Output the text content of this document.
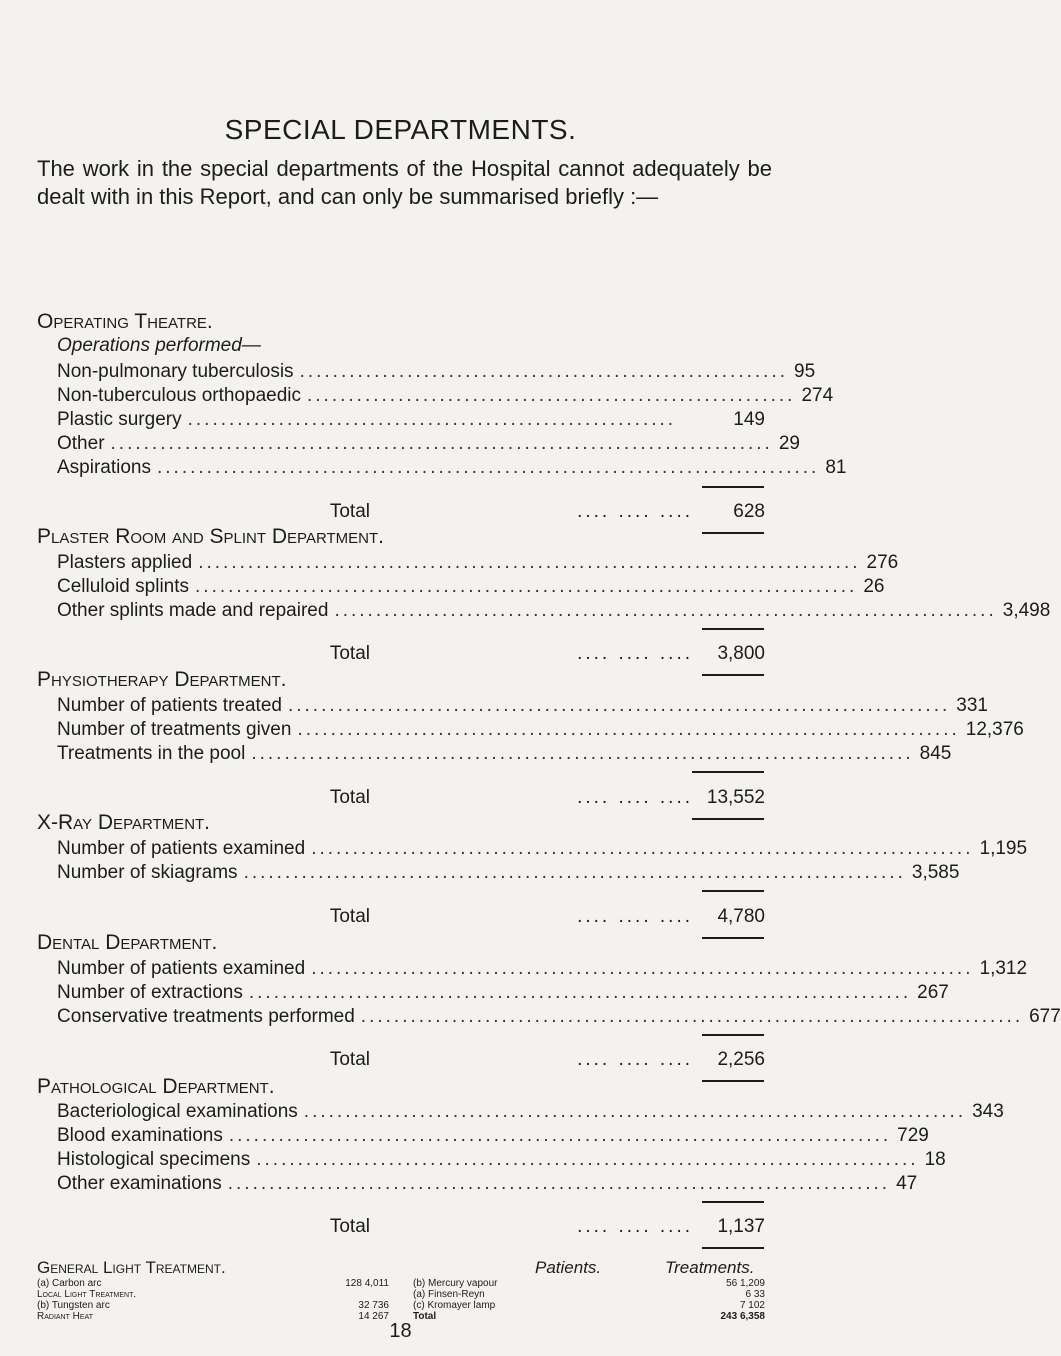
SPECIAL DEPARTMENTS.
The work in the special departments of the Hospital cannot adequately be dealt with in this Report, and can only be summarised briefly :—
Operating Theatre.
Operations performed—
Non-pulmonary tuberculosis ........................................................... 95
Non-tuberculous orthopaedic ........................................................... 274
Plastic surgery ...........................................................	149
Other ................................................................................ 29
Aspirations ................................................................................ 81
Total	.... .... ....	628
Plaster Room and Splint Department.
Plasters applied ................................................................................ 276
Celluloid splints ................................................................................ 26
Other splints made and repaired ................................................................................ 3,498
Total	.... .... ....	3,800
Physiotherapy Department.
Number of patients treated ................................................................................ 331
Number of treatments given ................................................................................ 12,376
Treatments in the pool ................................................................................ 845
Total	.... .... .... 13,552
X-Ray Department.
Number of patients examined ................................................................................ 1,195
Number of skiagrams ................................................................................ 3,585
Total	.... .... ....	4,780
Dental Department.
Number of patients examined ................................................................................ 1,312
Number of extractions ................................................................................ 267
Conservative treatments performed ................................................................................ 677
Total	.... .... ....	2,256
Pathological Department.
Bacteriological examinations ................................................................................ 343
Blood examinations ................................................................................ 729
Histological specimens ................................................................................ 18
Other examinations ................................................................................ 47
Total	.... .... ....	1,137
General Light Treatment.	Patients.	Treatments.
18
(a) Carbon arc	128 4,011 (b) Mercury vapour	56 1,209
Local Light Treatment.	(a) Finsen-Reyn	6 33
(b) Tungsten arc	32 736 (c) Kromayer lamp	7 102
Radiant Heat	14 267 Total	243 6,358
